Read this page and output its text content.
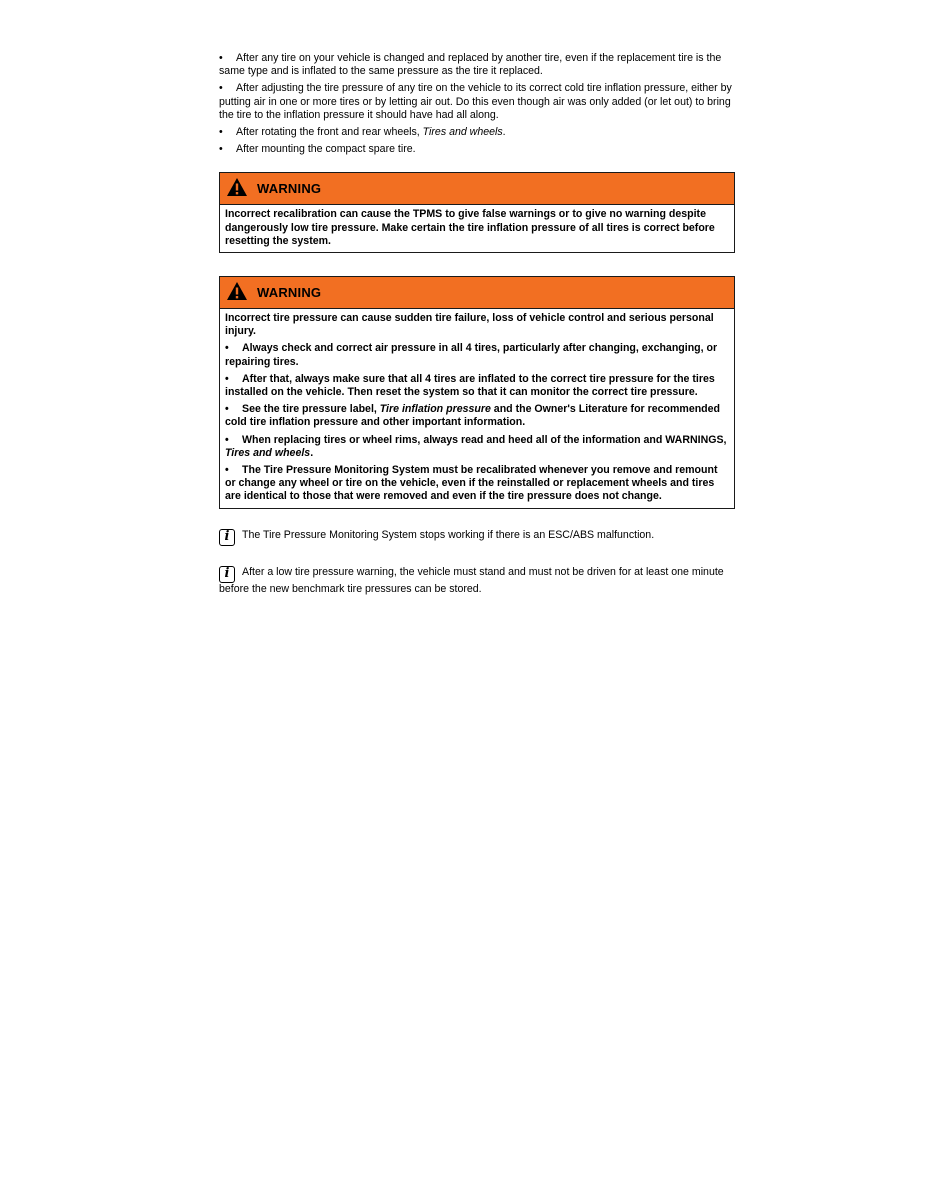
• After any tire on your vehicle is changed and replaced by another tire, even if the replacement tire is the same type and is inflated to the same pressure as the tire it replaced.
• After adjusting the tire pressure of any tire on the vehicle to its correct cold tire inflation pressure, either by putting air in one or more tires or by letting air out. Do this even though air was only added (or let out) to bring the tire to the inflation pressure it should have had all along.
• After rotating the front and rear wheels, Tires and wheels.
• After mounting the compact spare tire.
WARNING

Incorrect recalibration can cause the TPMS to give false warnings or to give no warning despite dangerously low tire pressure. Make certain the tire inflation pressure of all tires is correct before resetting the system.

WARNING

Incorrect tire pressure can cause sudden tire failure, loss of vehicle control and serious personal injury.

• Always check and correct air pressure in all 4 tires, particularly after changing, exchanging, or repairing tires.

• After that, always make sure that all 4 tires are inflated to the correct tire pressure for the tires installed on the vehicle. Then reset the system so that it can monitor the correct tire pressure.

• See the tire pressure label, Tire inflation pressure and the Owner's Literature for recommended cold tire inflation pressure and other important information.

• When replacing tires or wheel rims, always read and heed all of the information and WARNINGS, Tires and wheels.

• The Tire Pressure Monitoring System must be recalibrated whenever you remove and remount or change any wheel or tire on the vehicle, even if the reinstalled or replacement wheels and tires are identical to those that were removed and even if the tire pressure does not change.

i The Tire Pressure Monitoring System stops working if there is an ESC/ABS malfunction.

i After a low tire pressure warning, the vehicle must stand and must not be driven for at least one minute before the new benchmark tire pressures can be stored.
